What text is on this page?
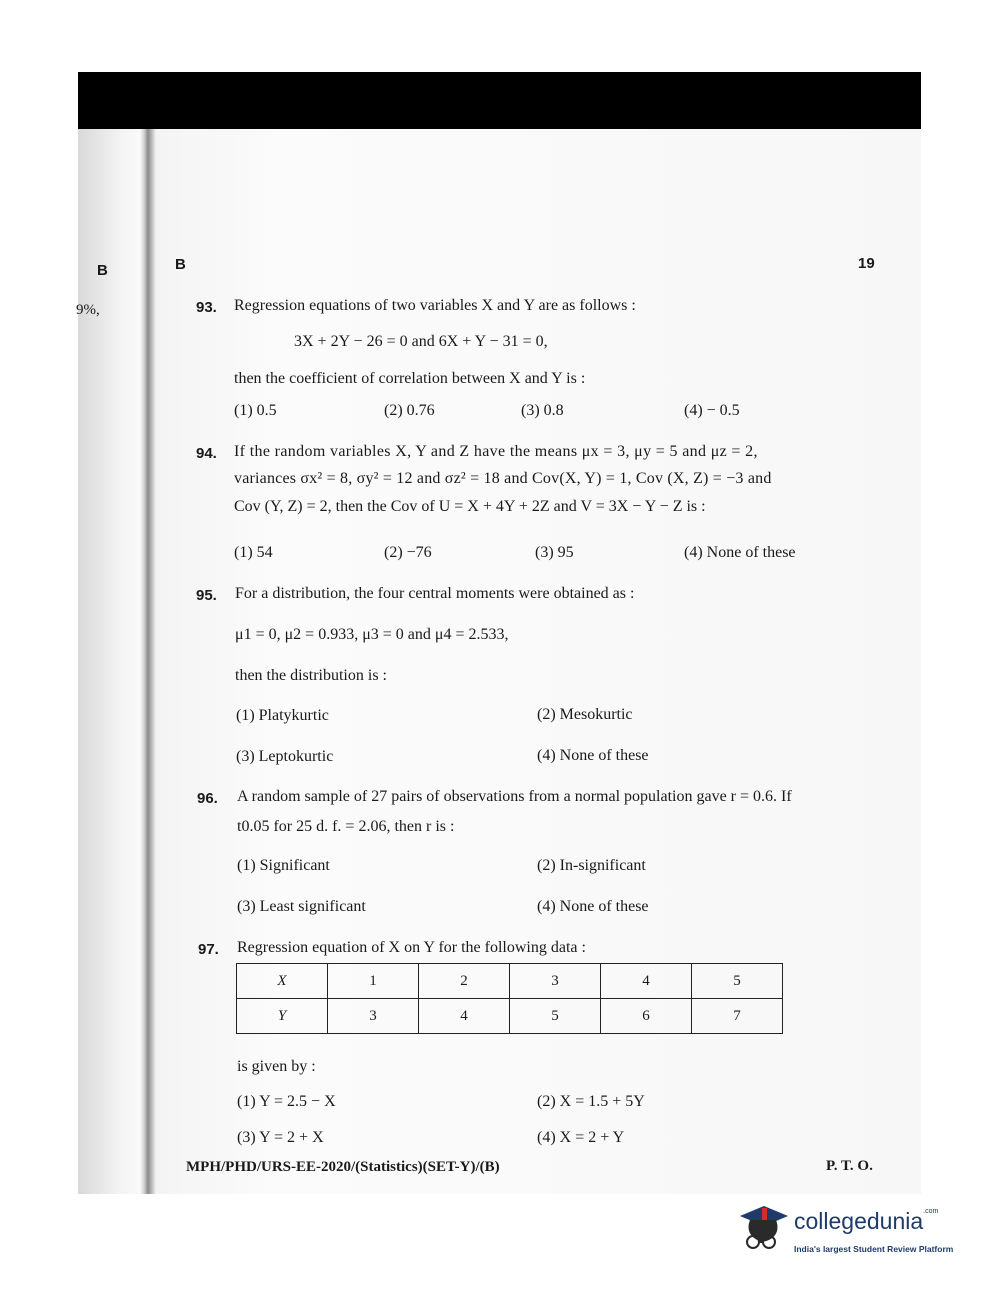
B
9%,
B	19
93. Regression equations of two variables X and Y are as follows :
3X + 2Y − 26 = 0 and 6X + Y − 31 = 0,
then the coefficient of correlation between X and Y is :
(1) 0.5	(2) 0.76	(3) 0.8	(4) − 0.5
94. If the random variables X, Y and Z have the means μx = 3, μy = 5 and μz = 2,
variances σx² = 8, σy² = 12 and σz² = 18 and Cov(X, Y) = 1, Cov (X, Z) = −3 and
Cov (Y, Z) = 2, then the Cov of U = X + 4Y + 2Z and V = 3X − Y − Z is :
(1) 54	(2) −76	(3) 95	(4) None of these
95. For a distribution, the four central moments were obtained as :
μ1 = 0, μ2 = 0.933, μ3 = 0 and μ4 = 2.533,
then the distribution is :
(1) Platykurtic	(2) Mesokurtic
(3) Leptokurtic	(4) None of these
96. A random sample of 27 pairs of observations from a normal population gave r = 0.6. If
t0.05 for 25 d. f. = 2.06, then r is :
(1) Significant	(2) In-significant
(3) Least significant	(4) None of these
97. Regression equation of X on Y for the following data :
X	1	2	3	4	5
Y	3	4	5	6	7
is given by :
(1) Y = 2.5 − X	(2) X = 1.5 + 5Y
(3) Y = 2 + X	(4) X = 2 + Y
MPH/PHD/URS-EE-2020/(Statistics)(SET-Y)/(B)	P. T. O.
collegedunia$^{.com}$
India's largest Student Review Platform
